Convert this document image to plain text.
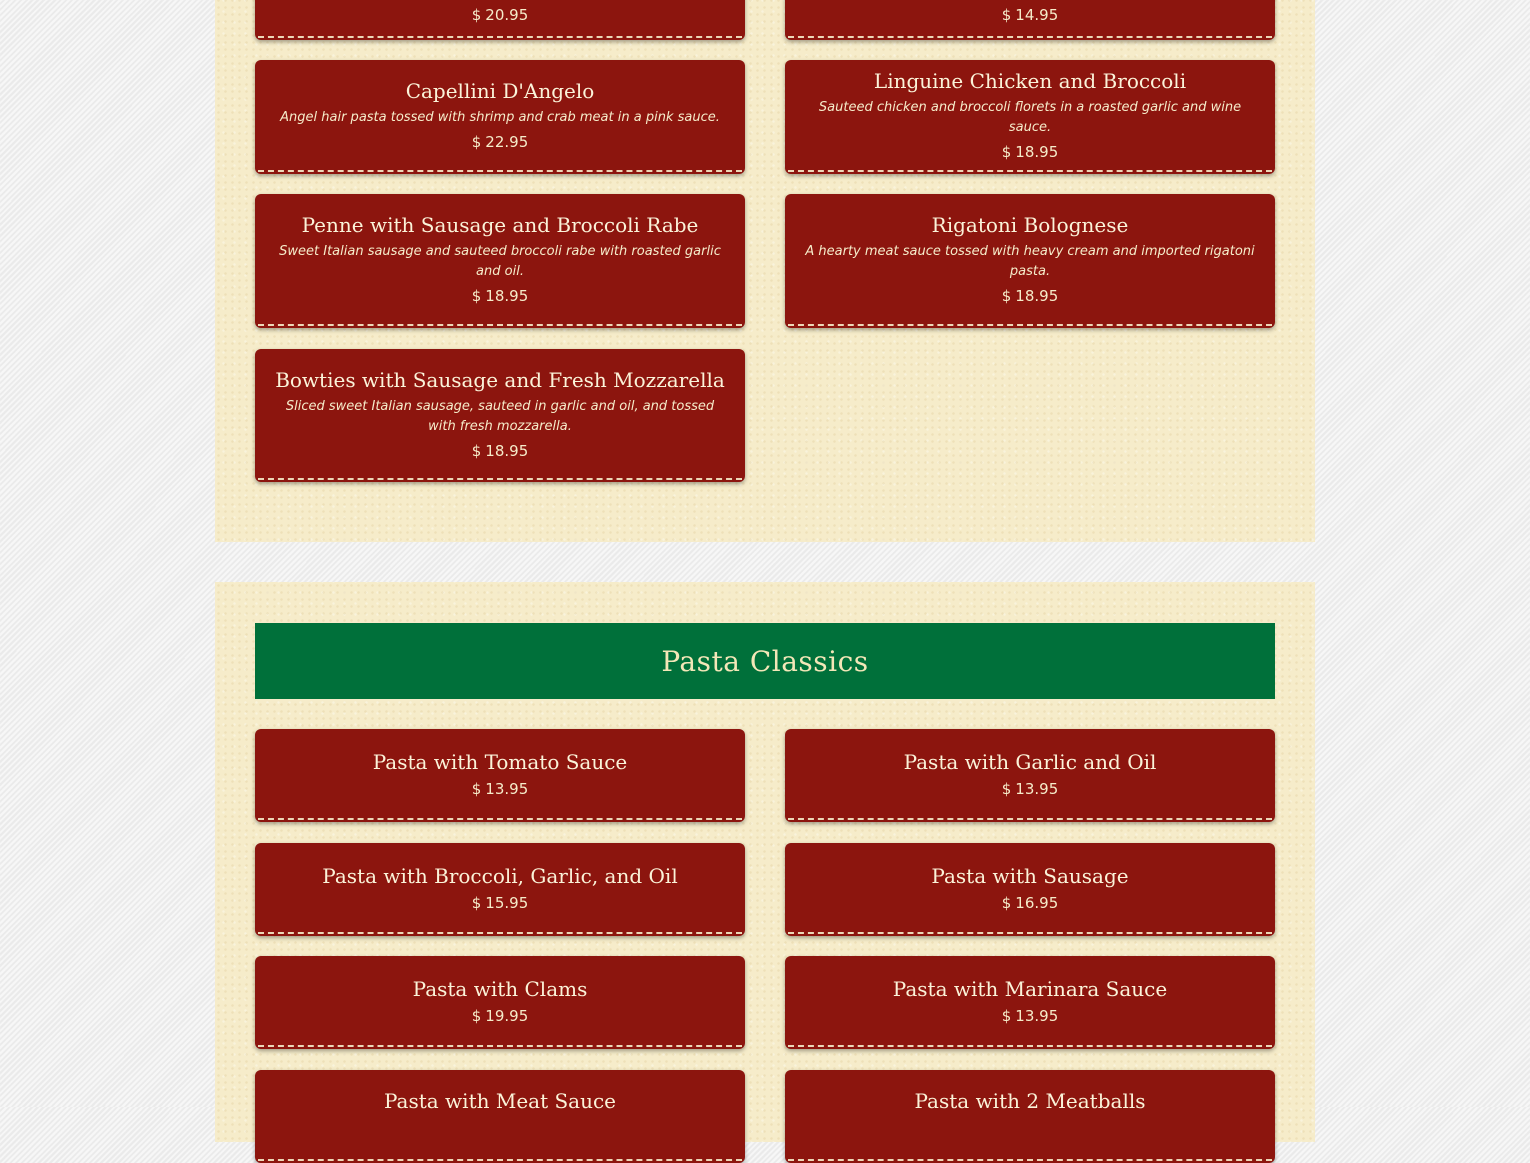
$ 20.95	$ 14.95
Capellini D'Angelo
Angel hair pasta tossed with shrimp and crab meat in a pink sauce.
$ 22.95
Linguine Chicken and Broccoli
Sauteed chicken and broccoli florets in a roasted garlic and wine sauce.
$ 18.95
Penne with Sausage and Broccoli Rabe
Sweet Italian sausage and sauteed broccoli rabe with roasted garlic and oil.
$ 18.95
Rigatoni Bolognese
A hearty meat sauce tossed with heavy cream and imported rigatoni pasta.
$ 18.95
Bowties with Sausage and Fresh Mozzarella
Sliced sweet Italian sausage, sauteed in garlic and oil, and tossed with fresh mozzarella.
$ 18.95
Pasta Classics
Pasta with Tomato Sauce
$ 13.95
Pasta with Garlic and Oil
$ 13.95
Pasta with Broccoli, Garlic, and Oil
$ 15.95
Pasta with Sausage
$ 16.95
Pasta with Clams
$ 19.95
Pasta with Marinara Sauce
$ 13.95
Pasta with Meat Sauce	Pasta with 2 Meatballs
